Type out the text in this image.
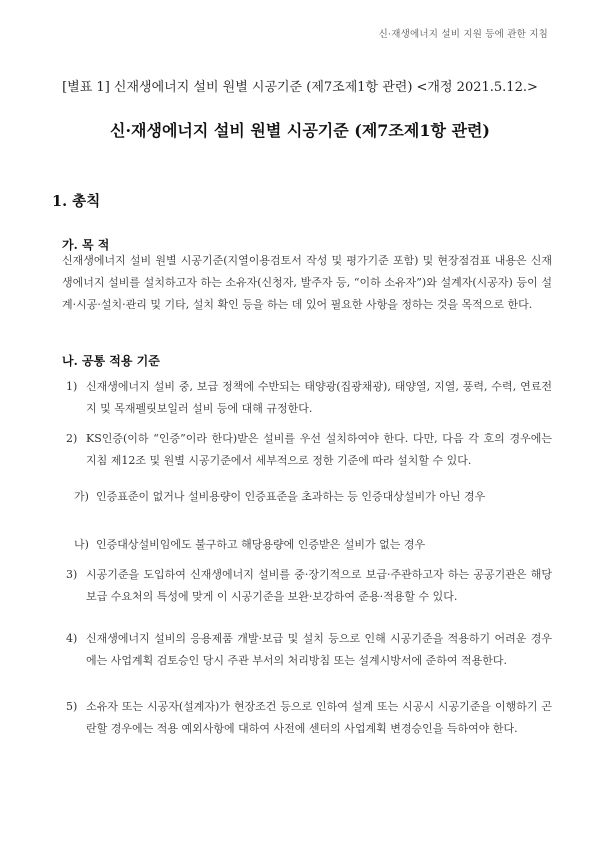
신·재생에너지 설비 지원 등에 관한 지침
[별표 1] 신재생에너지 설비 원별 시공기준 (제7조제1항 관련) <개정 2021.5.12.>
신·재생에너지 설비 원별 시공기준 (제7조제1항 관련)
1. 총칙
가. 목 적

신재생에너지 설비 원별 시공기준(지열이용검토서 작성 및 평가기준 포함) 및 현장점검표 내용은 신재생에너지 설비를 설치하고자 하는 소유자(신청자, 발주자 등, “이하 소유자”)와 설계자(시공자) 등이 설계·시공·설치·관리 및 기타, 설치 확인 등을 하는 데 있어 필요한 사항을 정하는 것을 목적으로 한다.

나. 공통 적용 기준
1) 신재생에너지 설비 중, 보급 정책에 수반되는 태양광(집광채광), 태양열, 지열, 풍력, 수력, 연료전지 및 목재펠릿보일러 설비 등에 대해 규정한다.
2) KS인증(이하 “인증”이라 한다)받은 설비를 우선 설치하여야 한다. 다만, 다음 각 호의 경우에는 지침 제12조 및 원별 시공기준에서 세부적으로 정한 기준에 따라 설치할 수 있다.
가) 인증표준이 없거나 설비용량이 인증표준을 초과하는 등 인증대상설비가 아닌 경우
나) 인증대상설비임에도 불구하고 해당용량에 인증받은 설비가 없는 경우
3) 시공기준을 도입하여 신재생에너지 설비를 중·장기적으로 보급·주관하고자 하는 공공기관은 해당 보급 수요처의 특성에 맞게 이 시공기준을 보완·보강하여 준용·적용할 수 있다.
4) 신재생에너지 설비의 응용제품 개발·보급 및 설치 등으로 인해 시공기준을 적용하기 어려운 경우에는 사업계획 검토승인 당시 주관 부서의 처리방침 또는 설계시방서에 준하여 적용한다.
5) 소유자 또는 시공자(설계자)가 현장조건 등으로 인하여 설계 또는 시공시 시공기준을 이행하기 곤란할 경우에는 적용 예외사항에 대하여 사전에 센터의 사업계획 변경승인을 득하여야 한다.
